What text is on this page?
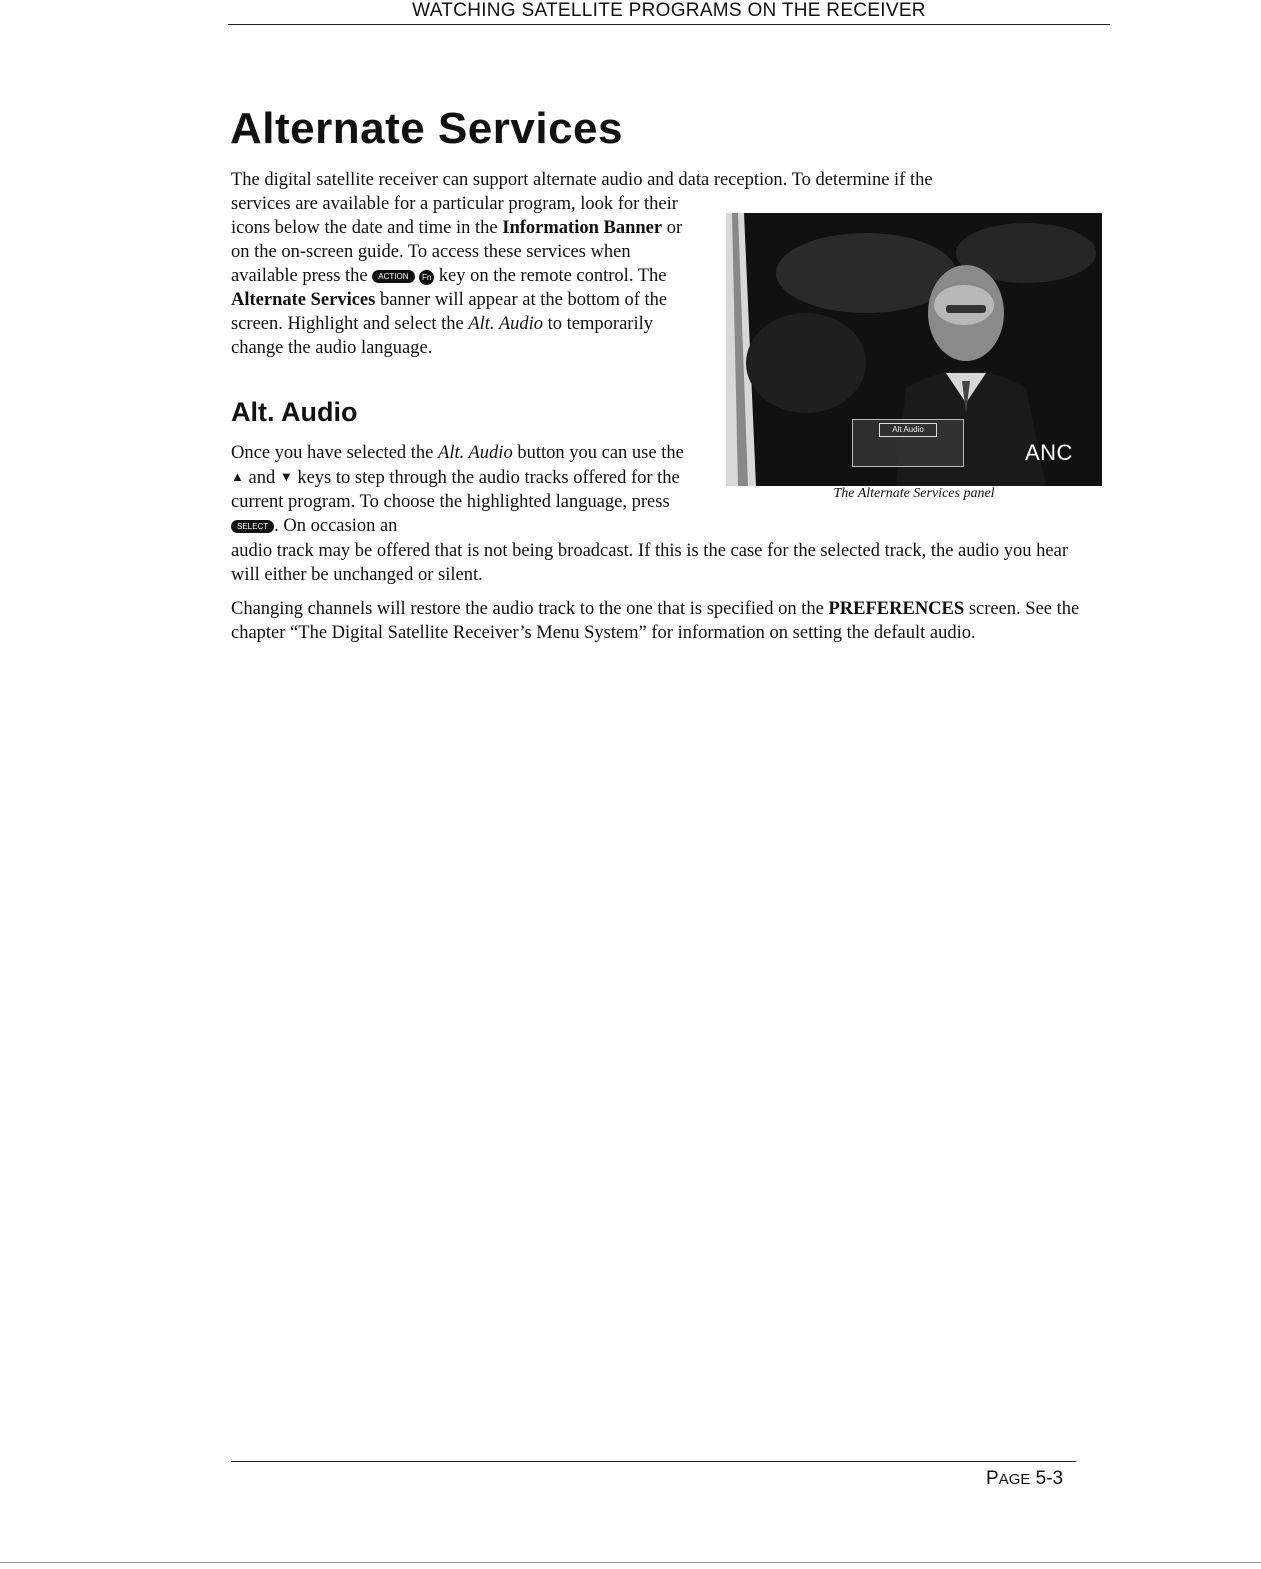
WATCHING SATELLITE PROGRAMS ON THE RECEIVER
Alternate Services

The digital satellite receiver can support alternate audio and data reception. To determine if the

services are available for a particular program, look for their icons below the date and time in the Information Banner or on the on-screen guide. To access these services when available press the ACTION Fn key on the remote control. The Alternate Services banner will appear at the bottom of the screen. Highlight and select the Alt. Audio to temporarily change the audio language.

Alt. Audio

Once you have selected the Alt. Audio button you can use the ▲ and ▼ keys to step through the audio tracks offered for the current program. To choose the highlighted language, press SELECT . On occasion an

audio track may be offered that is not being broadcast. If this is the case for the selected track, the audio you hear will either be unchanged or silent.

Changing channels will restore the audio track to the one that is specified on the PREFERENCES screen. See the chapter “The Digital Satellite Receiver’s Menu System” for information on setting the default audio.

Alt Audio
ANC
The Alternate Services panel
PAGE 5-3
